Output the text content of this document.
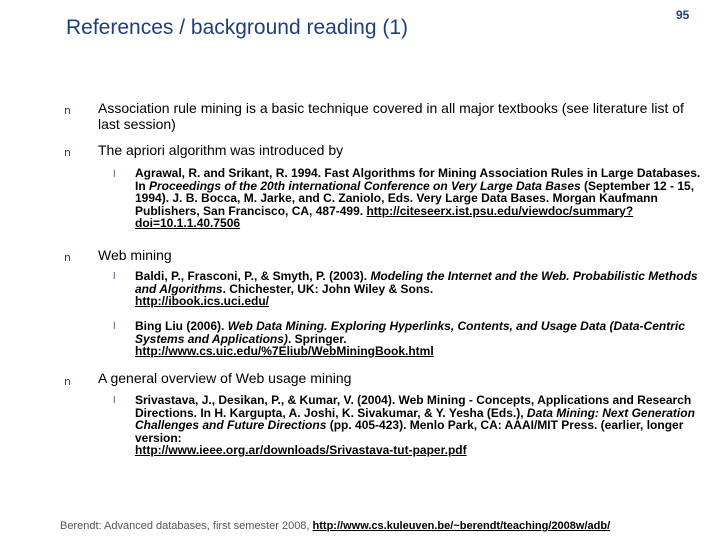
References / background reading (1)
95
n Association rule mining is a basic technique covered in all major textbooks (see literature list of last session)
n The apriori algorithm was introduced by
l Agrawal, R. and Srikant, R. 1994. Fast Algorithms for Mining Association Rules in Large Databases. In Proceedings of the 20th international Conference on Very Large Data Bases (September 12 - 15, 1994). J. B. Bocca, M. Jarke, and C. Zaniolo, Eds. Very Large Data Bases. Morgan Kaufmann Publishers, San Francisco, CA, 487-499. http://citeseerx.ist.psu.edu/viewdoc/summary?doi=10.1.1.40.7506
n Web mining
l Baldi, P., Frasconi, P., & Smyth, P. (2003). Modeling the Internet and the Web. Probabilistic Methods and Algorithms. Chichester, UK: John Wiley & Sons.
http://ibook.ics.uci.edu/
l Bing Liu (2006). Web Data Mining. Exploring Hyperlinks, Contents, and Usage Data (Data-Centric Systems and Applications). Springer.
http://www.cs.uic.edu/%7Eliub/WebMiningBook.html
n A general overview of Web usage mining
l Srivastava, J., Desikan, P., & Kumar, V. (2004). Web Mining - Concepts, Applications and Research Directions. In H. Kargupta, A. Joshi, K. Sivakumar, & Y. Yesha (Eds.), Data Mining: Next Generation Challenges and Future Directions (pp. 405-423). Menlo Park, CA: AAAI/MIT Press. (earlier, longer version:
http://www.ieee.org.ar/downloads/Srivastava-tut-paper.pdf
Berendt: Advanced databases, first semester 2008, http://www.cs.kuleuven.be/~berendt/teaching/2008w/adb/
